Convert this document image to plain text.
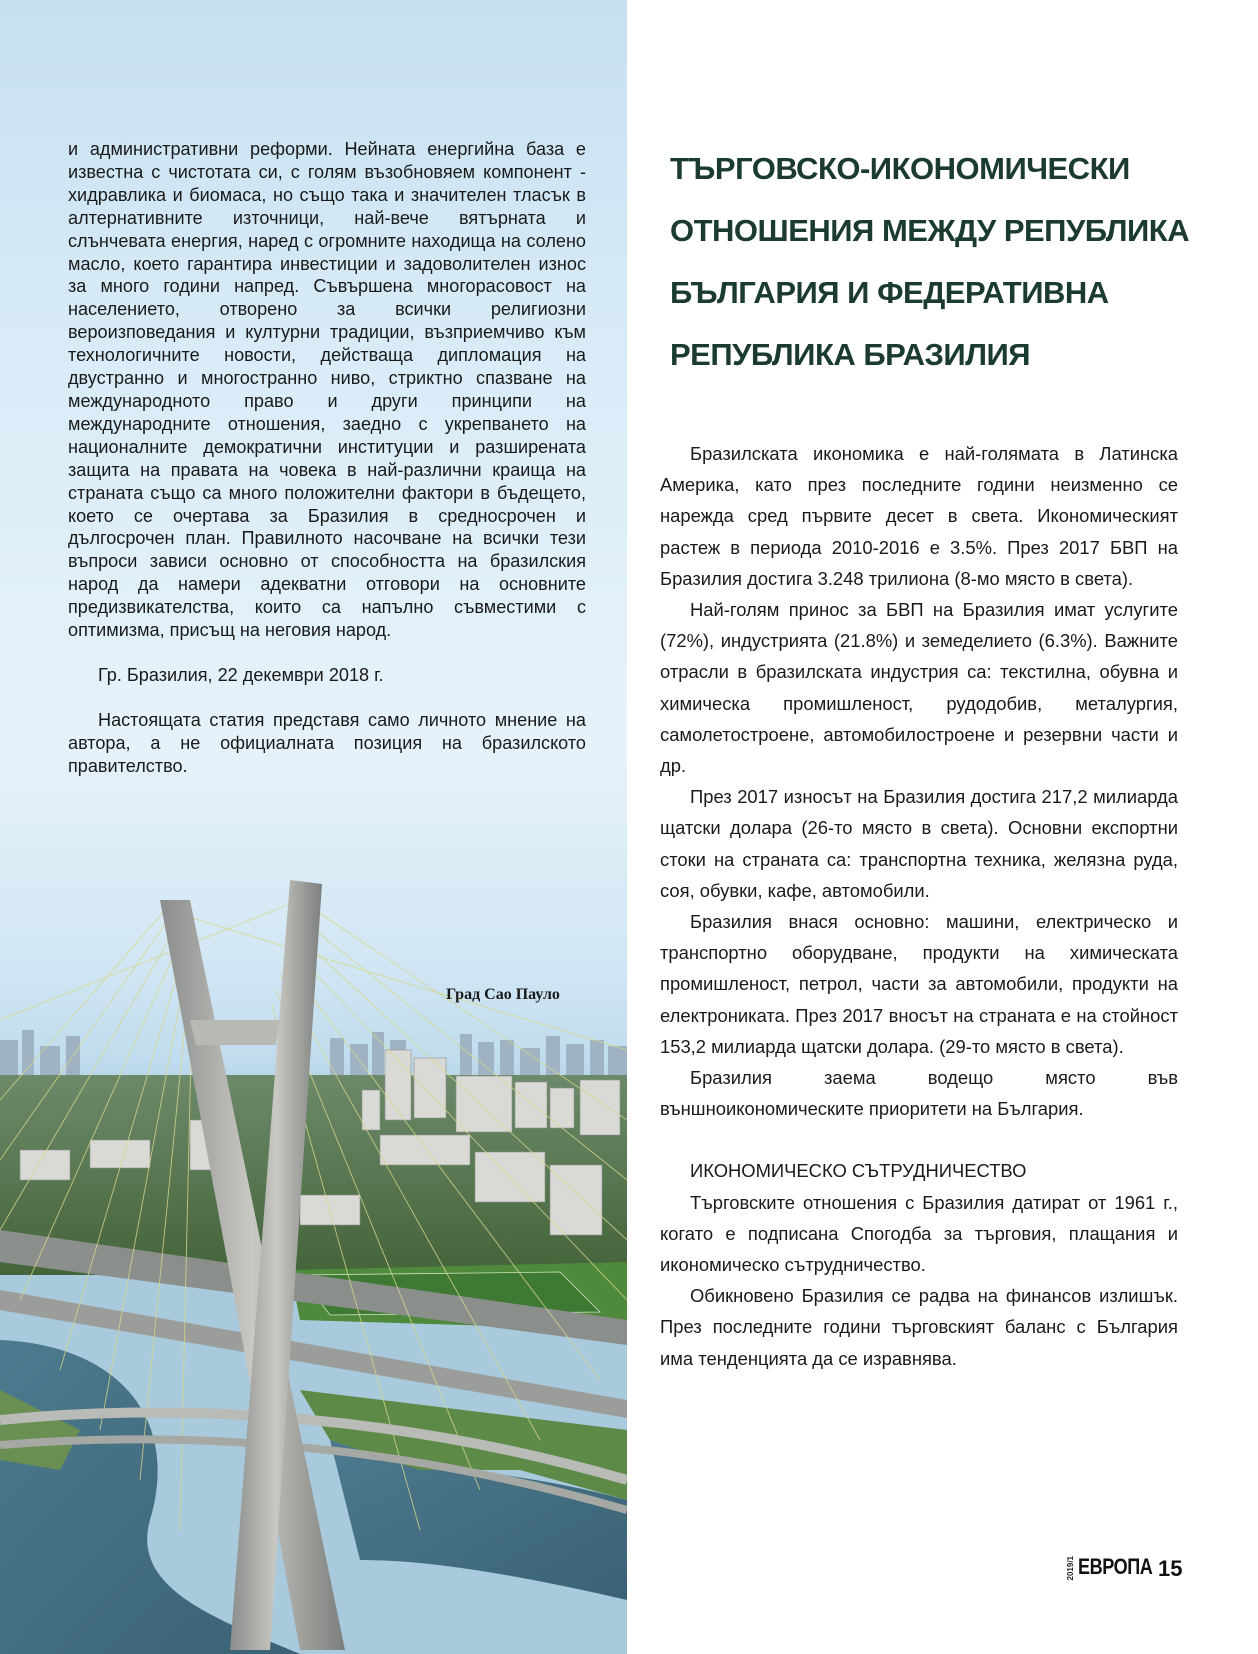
и административни реформи. Нейната енергийна база е известна с чистотата си, с голям възобновяем компонент - хидравлика и биомаса, но също така и значителен тласък в алтернативните източници, най-вече вятърната и слънчевата енергия, наред с огромните находища на солено масло, което гарантира инвестиции и задоволителен износ за много години напред. Съвършена многорасовост на населението, отворено за всички религиозни вероизповедания и културни традиции, възприемчиво към технологичните новости, действаща дипломация на двустранно и многостранно ниво, стриктно спазване на международното право и други принципи на международните отношения, заедно с укрепването на националните демократични институции и разширената защита на правата на човека в най-различни краища на страната също са много положителни фактори в бъдещето, което се очертава за Бразилия в средносрочен и дългосрочен план. Правилното насочване на всички тези въпроси зависи основно от способността на бразилския народ да намери адекватни отговори на основните предизвикателства, които са напълно съвместими с оптимизма, присъщ на неговия народ.

Гр. Бразилия, 22 декември 2018 г.

Настоящата статия представя само личното мнение на автора, а не официалната позиция на бразилското правителство.

Град Сао Пауло
ТЪРГОВСКО-ИКОНОМИЧЕСКИ
ОТНОШЕНИЯ МЕЖДУ РЕПУБЛИКА
БЪЛГАРИЯ И ФЕДЕРАТИВНА
РЕПУБЛИКА БРАЗИЛИЯ

Бразилската икономика е най-голямата в Латинска Америка, като през последните години неизменно се нарежда сред първите десет в света. Икономическият растеж в периода 2010-2016 е 3.5%. През 2017 БВП на Бразилия достига 3.248 трилиона (8-мо място в света).

Най-голям принос за БВП на Бразилия имат услугите (72%), индустрията (21.8%) и земеделието (6.3%). Важните отрасли в бразилската индустрия са: текстилна, обувна и химическа промишленост, рудодобив, металургия, самолетостроене, автомобилостроене и резервни части и др.

През 2017 износът на Бразилия достига 217,2 милиарда щатски долара (26-то място в света). Основни експортни стоки на страната са: транспортна техника, желязна руда, соя, обувки, кафе, автомобили.

Бразилия внася основно: машини, електрическо и транспортно оборудване, продукти на химическата промишленост, петрол, части за автомобили, продукти на електрониката. През 2017 вносът на страната е на стойност 153,2 милиарда щатски долара. (29-то място в света).

Бразилия заема водещо място във външноикономическите приоритети на България.

ИКОНОМИЧЕСКО СЪТРУДНИЧЕСТВО

Търговските отношения с Бразилия датират от 1961 г., когато е подписана Спогодба за търговия, плащания и икономическо сътрудничество.

Обикновено Бразилия се радва на финансов излишък. През последните години търговският баланс с България има тенденцията да се изравнява.

2019/1 ЕВРОПА 15
